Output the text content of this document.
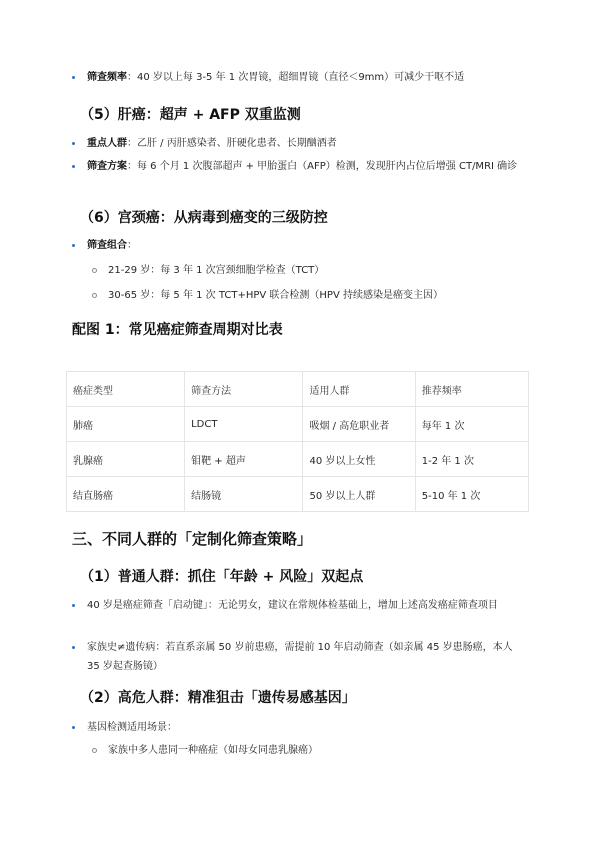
筛查频率：40 岁以上每 3-5 年 1 次胃镜，超细胃镜（直径＜9mm）可减少干呕不适
（5）肝癌：超声 + AFP 双重监测
重点人群：乙肝 / 丙肝感染者、肝硬化患者、长期酗酒者
筛查方案：每 6 个月 1 次腹部超声 + 甲胎蛋白（AFP）检测，发现肝内占位后增强 CT/MRI 确诊
（6）宫颈癌：从病毒到癌变的三级防控
筛查组合：
21-29 岁：每 3 年 1 次宫颈细胞学检查（TCT）
30-65 岁：每 5 年 1 次 TCT+HPV 联合检测（HPV 持续感染是癌变主因）
配图 1：常见癌症筛查周期对比表
癌症类型	筛查方法	适用人群	推荐频率
肺癌	LDCT	吸烟 / 高危职业者	每年 1 次
乳腺癌	钼靶 + 超声	40 岁以上女性	1-2 年 1 次
结直肠癌	结肠镜	50 岁以上人群	5-10 年 1 次
三、不同人群的「定制化筛查策略」
（1）普通人群：抓住「年龄 + 风险」双起点
40 岁是癌症筛查「启动键」：无论男女，建议在常规体检基础上，增加上述高发癌症筛查项目
家族史≠遗传病：若直系亲属 50 岁前患癌，需提前 10 年启动筛查（如亲属 45 岁患肠癌，本人 35 岁起查肠镜）
（2）高危人群：精准狙击「遗传易感基因」
基因检测适用场景：
家族中多人患同一种癌症（如母女同患乳腺癌）
